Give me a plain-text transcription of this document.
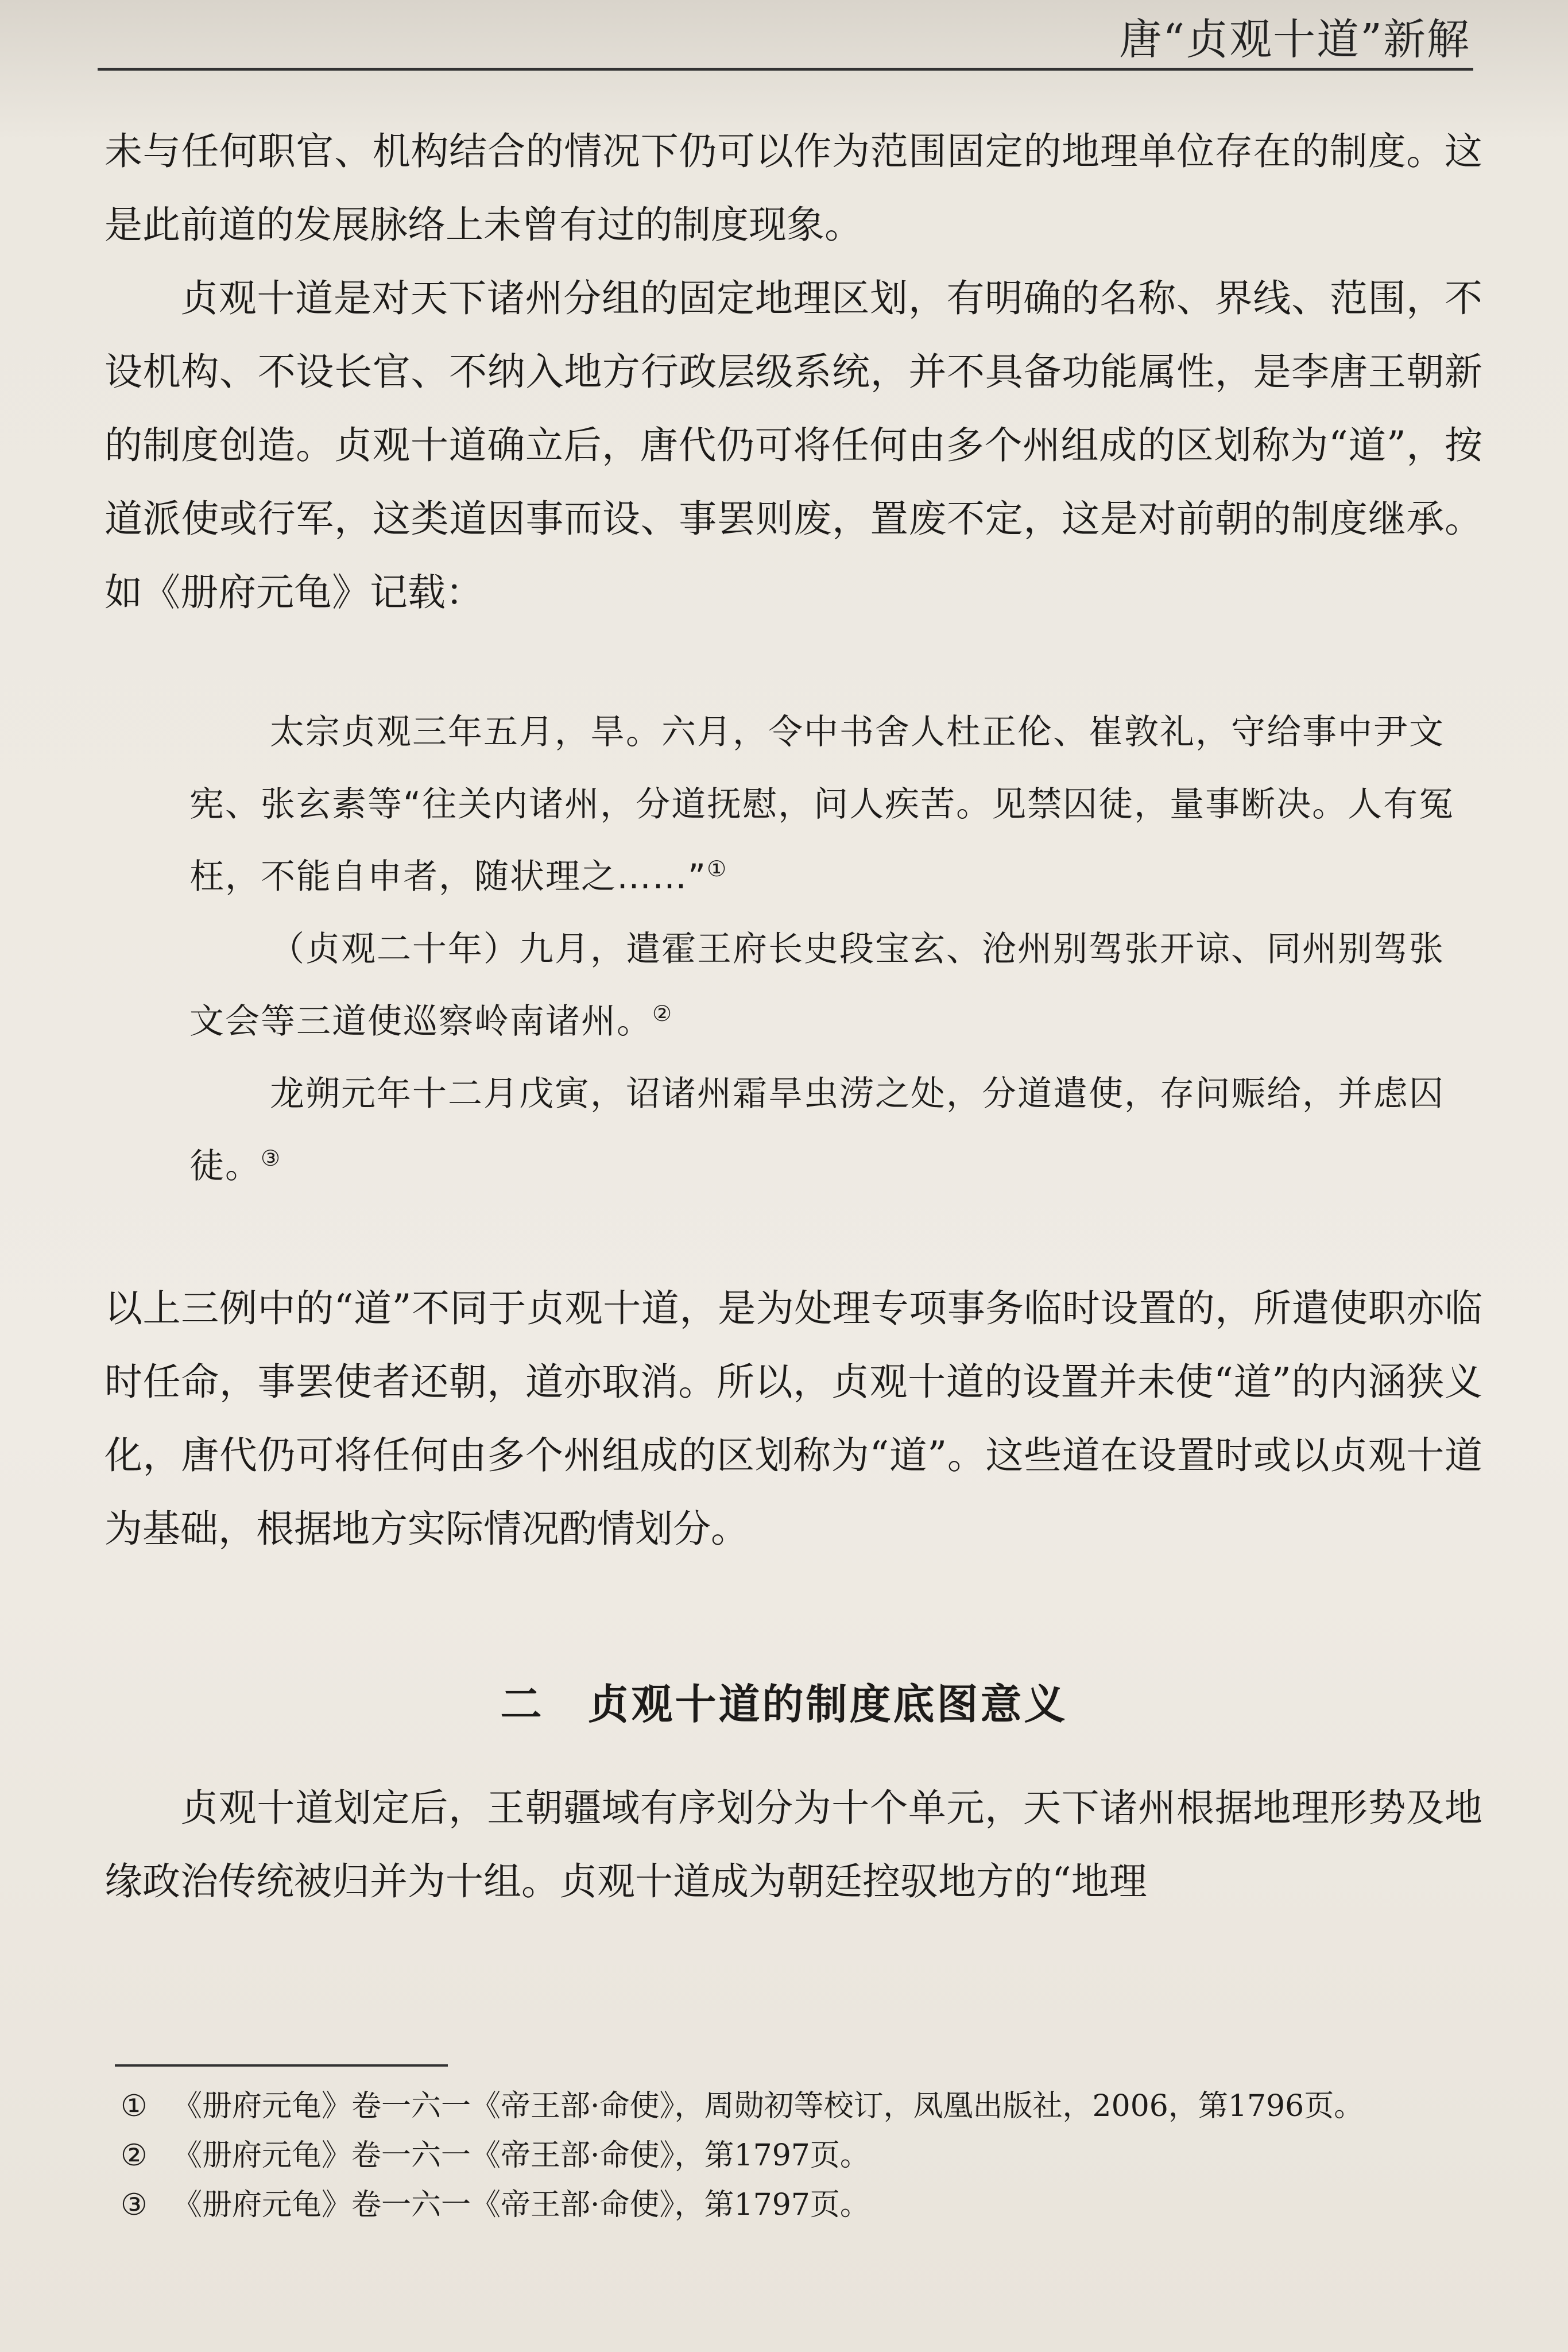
唐“贞观十道”新解

未与任何职官、机构结合的情况下仍可以作为范围固定的地理单位存在的制度。这是此前道的发展脉络上未曾有过的制度现象。

贞观十道是对天下诸州分组的固定地理区划，有明确的名称、界线、范围，不设机构、不设长官、不纳入地方行政层级系统，并不具备功能属性，是李唐王朝新的制度创造。贞观十道确立后，唐代仍可将任何由多个州组成的区划称为“道”，按道派使或行军，这类道因事而设、事罢则废，置废不定，这是对前朝的制度继承。如《册府元龟》记载：

太宗贞观三年五月，旱。六月，令中书舍人杜正伦、崔敦礼，守给事中尹文宪、张玄素等“往关内诸州，分道抚慰，问人疾苦。见禁囚徒，量事断决。人有冤枉，不能自申者，随状理之……”①

（贞观二十年）九月，遣霍王府长史段宝玄、沧州别驾张开谅、同州别驾张文会等三道使巡察岭南诸州。②

龙朔元年十二月戊寅，诏诸州霜旱虫涝之处，分道遣使，存问赈给，并虑囚徒。③

以上三例中的“道”不同于贞观十道，是为处理专项事务临时设置的，所遣使职亦临时任命，事罢使者还朝，道亦取消。所以，贞观十道的设置并未使“道”的内涵狭义化，唐代仍可将任何由多个州组成的区划称为“道”。这些道在设置时或以贞观十道为基础，根据地方实际情况酌情划分。

二　贞观十道的制度底图意义

贞观十道划定后，王朝疆域有序划分为十个单元，天下诸州根据地理形势及地缘政治传统被归并为十组。贞观十道成为朝廷控驭地方的“地理

① 《册府元龟》卷一六一《帝王部·命使》，周勋初等校订，凤凰出版社，2006，第1796页。

② 《册府元龟》卷一六一《帝王部·命使》，第1797页。

③ 《册府元龟》卷一六一《帝王部·命使》，第1797页。
